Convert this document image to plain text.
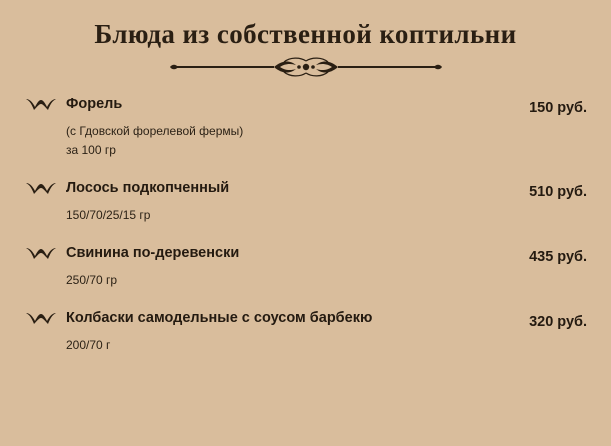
Блюда из собственной коптильни
Форель	150 руб.
(с Гдовской форелевой фермы)
за 100 гр
Лосось подкопченный	510 руб.
150/70/25/15 гр
Свинина по-деревенски	435 руб.
250/70 гр
Колбаски самодельные с соусом барбекю	320 руб.
200/70 г
